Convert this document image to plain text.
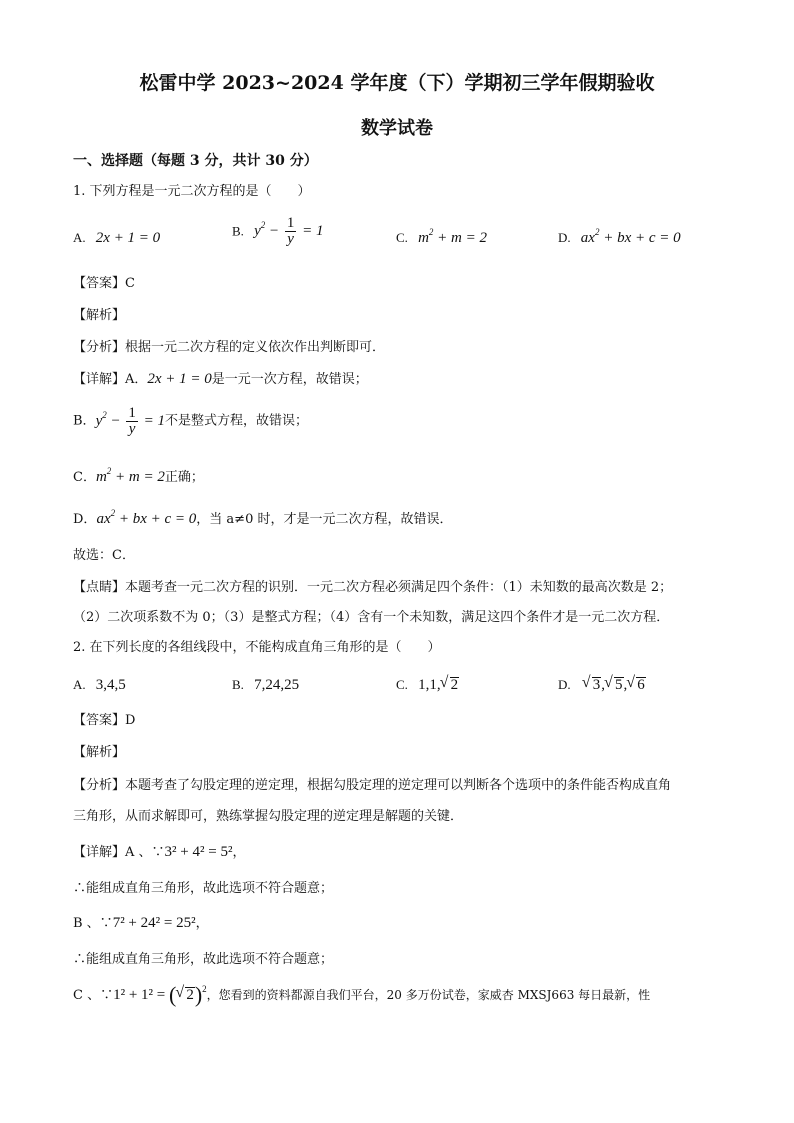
松雷中学 2023~2024 学年度（下）学期初三学年假期验收
数学试卷
一、选择题（每题 3 分，共计 30 分）
1. 下列方程是一元二次方程的是（　　）
A. 2x + 1 = 0	B. $y^2 - \frac{1}{y} = 1$	C. $m^2 + m = 2$	D. $ax^2$ + bx + c = 0
【答案】C
【解析】
【分析】根据一元二次方程的定义依次作出判断即可．
【详解】A．2x + 1 = 0是一元一次方程，故错误；
B．$y^2 - \frac{1}{y} = 1$不是整式方程，故错误；
C．$m^2 + m = 2$正确；
D．$ax^2$ + bx + c = 0，当 a≠0 时，才是一元二次方程，故错误．
故选：C．
【点睛】本题考查一元二次方程的识别．一元二次方程必须满足四个条件：（1）未知数的最高次数是 2；
（2）二次项系数不为 0；（3）是整式方程；（4）含有一个未知数，满足这四个条件才是一元二次方程．
2. 在下列长度的各组线段中，不能构成直角三角形的是（　　）
A. 3,4,5	B. 7,24,25	C. 1,1, √ 2	D. √ 3, √ 5, √ 6
【答案】D
【解析】
【分析】本题考查了勾股定理的逆定理，根据勾股定理的逆定理可以判断各个选项中的条件能否构成直角
三角形，从而求解即可，熟练掌握勾股定理的逆定理是解题的关键．
【详解】A 、∵3² + 4² = 5²，
∴能组成直角三角形，故此选项不符合题意；
B 、∵7² + 24² = 25²，
∴能组成直角三角形，故此选项不符合题意；
C 、∵1² + 1² = ( √ 2)$^2$，您看到的资料都源自我们平台，20 多万份试卷，家威杏 MXSJ663 每日最新，性
